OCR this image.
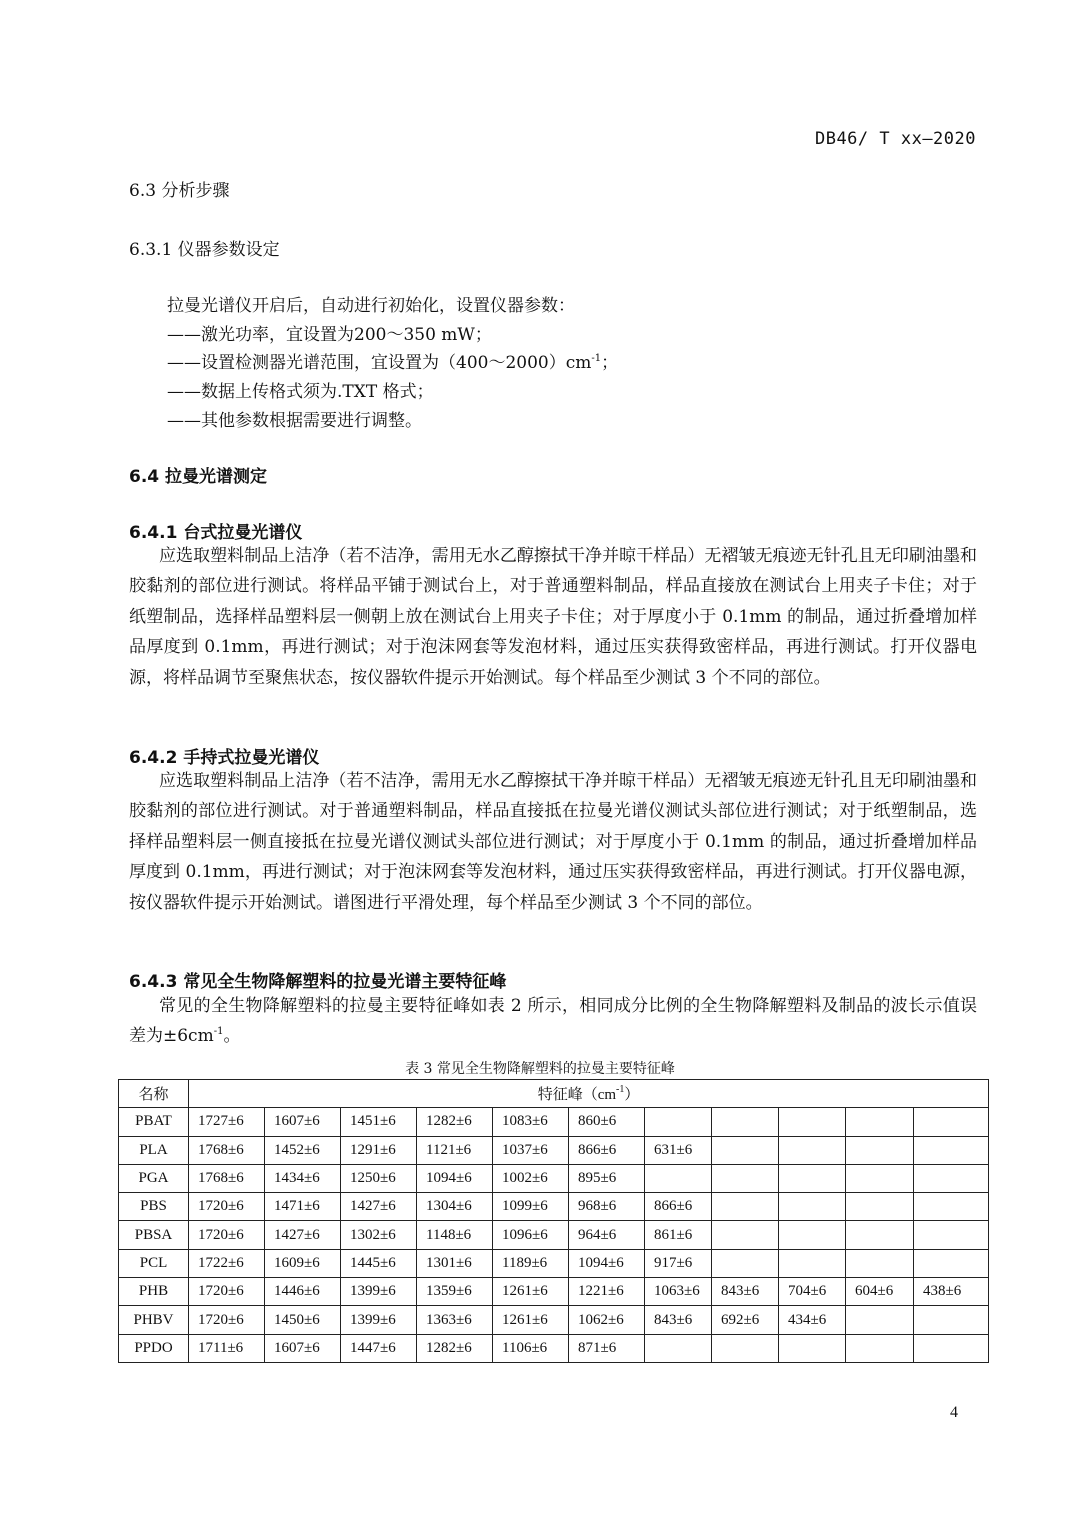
DB46/ T xx—2020
6.3 分析步骤
6.3.1 仪器参数设定
拉曼光谱仪开启后，自动进行初始化，设置仪器参数：
——激光功率，宜设置为200～350 mW；
——设置检测器光谱范围，宜设置为$(400\sim 2000)cm^{-1}$；
——数据上传格式须为.TXT 格式；
——其他参数根据需要进行调整。
6.4 拉曼光谱测定
6.4.1 台式拉曼光谱仪
应选取塑料制品上洁净（若不洁净，需用无水乙醇擦拭干净并晾干样品）无褶皱无痕迹无针孔且无印刷油墨和胶黏剂的部位进行测试。将样品平铺于测试台上，对于普通塑料制品，样品直接放在测试台上用夹子卡住；对于纸塑制品，选择样品塑料层一侧朝上放在测试台上用夹子卡住；对于厚度小于 0.1mm 的制品，通过折叠增加样品厚度到 0.1mm，再进行测试；对于泡沫网套等发泡材料，通过压实获得致密样品，再进行测试。打开仪器电源，将样品调节至聚焦状态，按仪器软件提示开始测试。每个样品至少测试 3 个不同的部位。
6.4.2 手持式拉曼光谱仪
应选取塑料制品上洁净（若不洁净，需用无水乙醇擦拭干净并晾干样品）无褶皱无痕迹无针孔且无印刷油墨和胶黏剂的部位进行测试。对于普通塑料制品，样品直接抵在拉曼光谱仪测试头部位进行测试；对于纸塑制品，选择样品塑料层一侧直接抵在拉曼光谱仪测试头部位进行测试；对于厚度小于 0.1mm 的制品，通过折叠增加样品厚度到 0.1mm，再进行测试；对于泡沫网套等发泡材料，通过压实获得致密样品，再进行测试。打开仪器电源，按仪器软件提示开始测试。谱图进行平滑处理，每个样品至少测试 3 个不同的部位。
6.4.3 常见全生物降解塑料的拉曼光谱主要特征峰
常见的全生物降解塑料的拉曼主要特征峰如表 2 所示，相同成分比例的全生物降解塑料及制品的波长示值误差为$\pm 6cm^{-1}$。
表 3 常见全生物降解塑料的拉曼主要特征峰
名称	特征峰$(cm^{-1})$										
PBAT	1727±6	1607±6	1451±6	1282±6	1083±6	860±6					
PLA	1768±6	1452±6	1291±6	1121±6	1037±6	866±6	631±6				
PGA	1768±6	1434±6	1250±6	1094±6	1002±6	895±6					
PBS	1720±6	1471±6	1427±6	1304±6	1099±6	968±6	866±6				
PBSA	1720±6	1427±6	1302±6	1148±6	1096±6	964±6	861±6				
PCL	1722±6	1609±6	1445±6	1301±6	1189±6	1094±6	917±6				
PHB	1720±6	1446±6	1399±6	1359±6	1261±6	1221±6	1063±6	843±6	704±6	604±6	438±6
PHBV	1720±6	1450±6	1399±6	1363±6	1261±6	1062±6	843±6	692±6	434±6		
PPDO	1711±6	1607±6	1447±6	1282±6	1106±6	871±6					
4
